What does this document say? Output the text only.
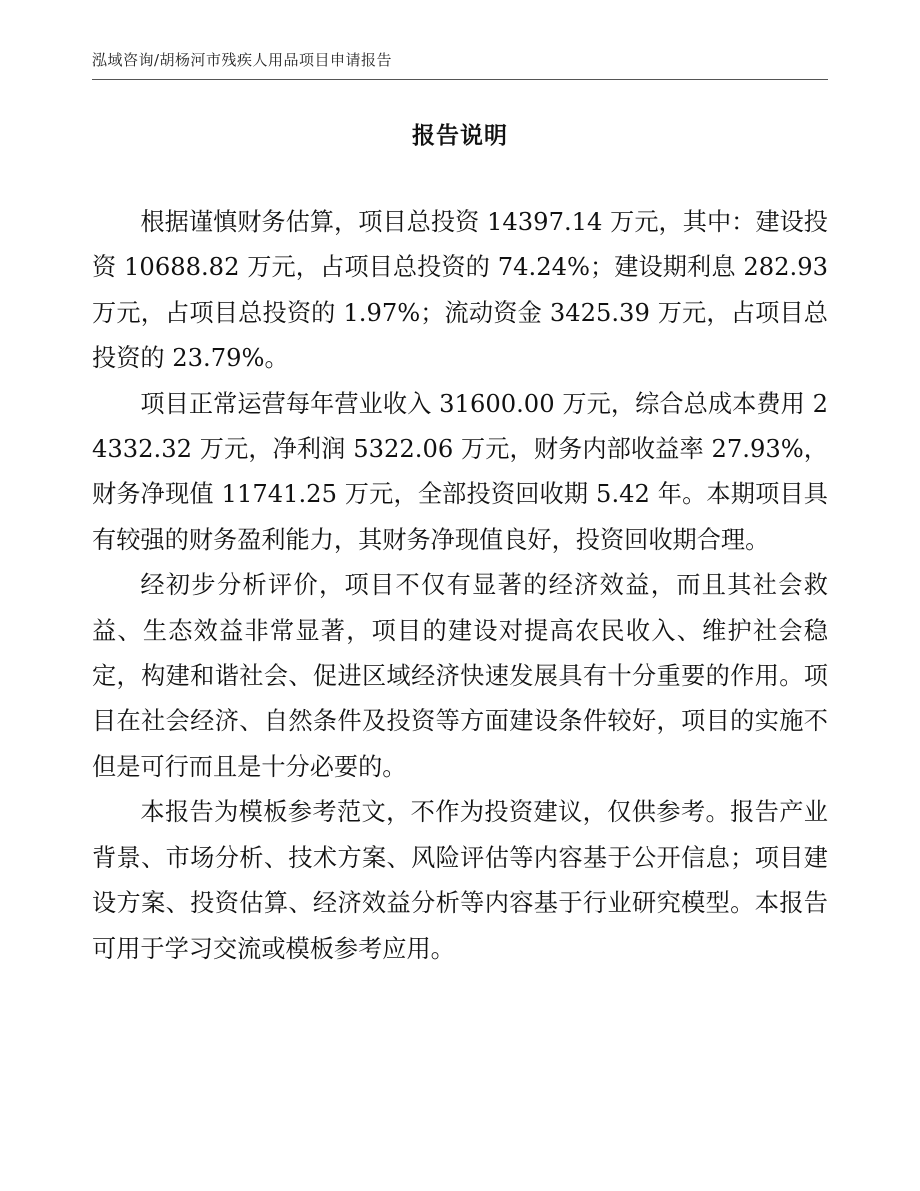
泓域咨询/胡杨河市残疾人用品项目申请报告
报告说明

根据谨慎财务估算，项目总投资 14397.14 万元，其中：建设投资 10688.82 万元，占项目总投资的 74.24%；建设期利息 282.93 万元，占项目总投资的 1.97%；流动资金 3425.39 万元，占项目总投资的 23.79%。

项目正常运营每年营业收入 31600.00 万元，综合总成本费用 24332.32 万元，净利润 5322.06 万元，财务内部收益率 27.93%，财务净现值 11741.25 万元，全部投资回收期 5.42 年。本期项目具有较强的财务盈利能力，其财务净现值良好，投资回收期合理。

经初步分析评价，项目不仅有显著的经济效益，而且其社会救益、生态效益非常显著，项目的建设对提高农民收入、维护社会稳定，构建和谐社会、促进区域经济快速发展具有十分重要的作用。项目在社会经济、自然条件及投资等方面建设条件较好，项目的实施不但是可行而且是十分必要的。

本报告为模板参考范文，不作为投资建议，仅供参考。报告产业背景、市场分析、技术方案、风险评估等内容基于公开信息；项目建设方案、投资估算、经济效益分析等内容基于行业研究模型。本报告可用于学习交流或模板参考应用。
